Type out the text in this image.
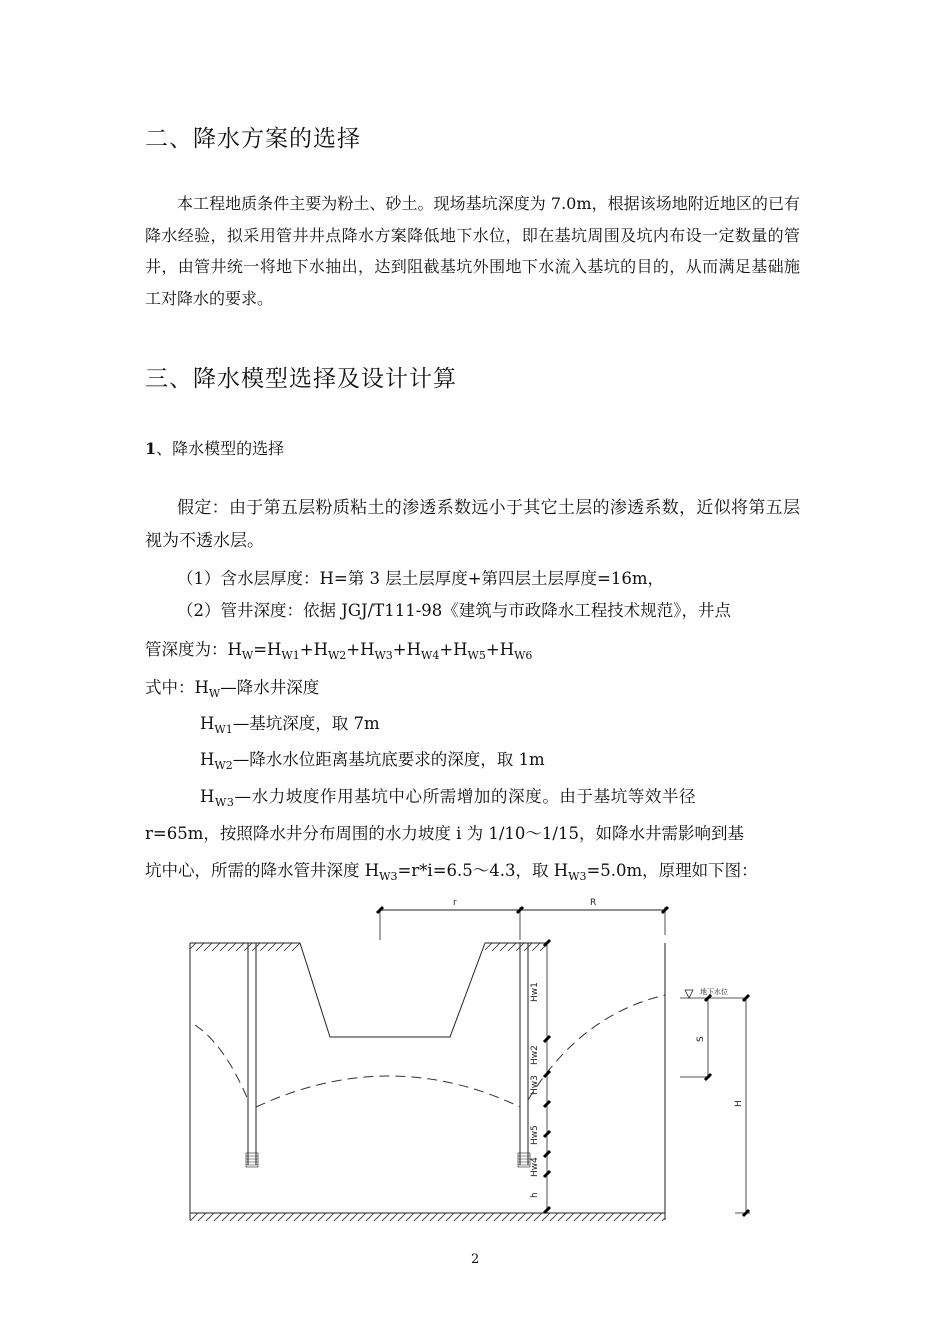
二、降水方案的选择

本工程地质条件主要为粉土、砂土。现场基坑深度为 7.0m，根据该场地附近地区的已有降水经验，拟采用管井井点降水方案降低地下水位，即在基坑周围及坑内布设一定数量的管井，由管井统一将地下水抽出，达到阻截基坑外围地下水流入基坑的目的，从而满足基础施工对降水的要求。

三、降水模型选择及设计计算
1、降水模型的选择

假定：由于第五层粉质粘土的渗透系数远小于其它土层的渗透系数，近似将第五层视为不透水层。

（1）含水层厚度：H=第 3 层土层厚度+第四层土层厚度=16m，
（2）管井深度：依据 JGJ/T111-98《建筑与市政降水工程技术规范》，井点
管深度为：$H_W=H_{W1}+H_{W2}+H_{W3}+H_{W4}+H_{W5}+H_{W6}$
式中：$H_W—$降水井深度
$H_{W1}—$基坑深度，取 7m
$H_{W2}—$降水水位距离基坑底要求的深度，取 1m
$H_{W3}—$水力坡度作用基坑中心所需增加的深度。由于基坑等效半径
r=65m，按照降水井分布周围的水力坡度 i 为 1/10～1/15，如降水井需影响到基
坑中心，所需的降水管井深度 $H_{W3}=r*i=6.5\sim 4.3$，取 $H_{W3}=5.0m$，原理如下图：
r	R
Hw1
Hw2
Hw3
Hw4
Hw5
h
地下水位
S
H
2
